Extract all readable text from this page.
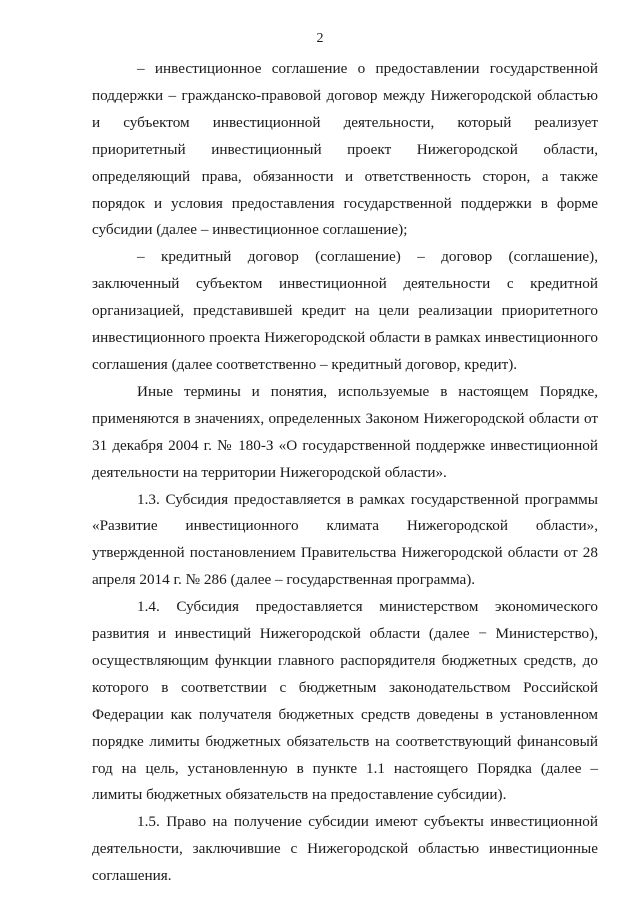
2

– инвестиционное соглашение о предоставлении государственной поддержки – гражданско-правовой договор между Нижегородской областью и субъектом инвестиционной деятельности, который реализует приоритетный инвестиционный проект Нижегородской области, определяющий права, обязанности и ответственность сторон, а также порядок и условия предоставления государственной поддержки в форме субсидии (далее – инвестиционное соглашение);

– кредитный договор (соглашение) – договор (соглашение), заключенный субъектом инвестиционной деятельности с кредитной организацией, представившей кредит на цели реализации приоритетного инвестиционного проекта Нижегородской области в рамках инвестиционного соглашения (далее соответственно – кредитный договор, кредит).

Иные термины и понятия, используемые в настоящем Порядке, применяются в значениях, определенных Законом Нижегородской области от 31 декабря 2004 г. № 180-З «О государственной поддержке инвестиционной деятельности на территории Нижегородской области».

1.3. Субсидия предоставляется в рамках государственной программы «Развитие инвестиционного климата Нижегородской области», утвержденной постановлением Правительства Нижегородской области от 28 апреля 2014 г. № 286 (далее – государственная программа).

1.4. Субсидия предоставляется министерством экономического развития и инвестиций Нижегородской области (далее − Министерство), осуществляющим функции главного распорядителя бюджетных средств, до которого в соответствии с бюджетным законодательством Российской Федерации как получателя бюджетных средств доведены в установленном порядке лимиты бюджетных обязательств на соответствующий финансовый год на цель, установленную в пункте 1.1 настоящего Порядка (далее – лимиты бюджетных обязательств на предоставление субсидии).

1.5. Право на получение субсидии имеют субъекты инвестиционной деятельности, заключившие с Нижегородской областью инвестиционные соглашения.
